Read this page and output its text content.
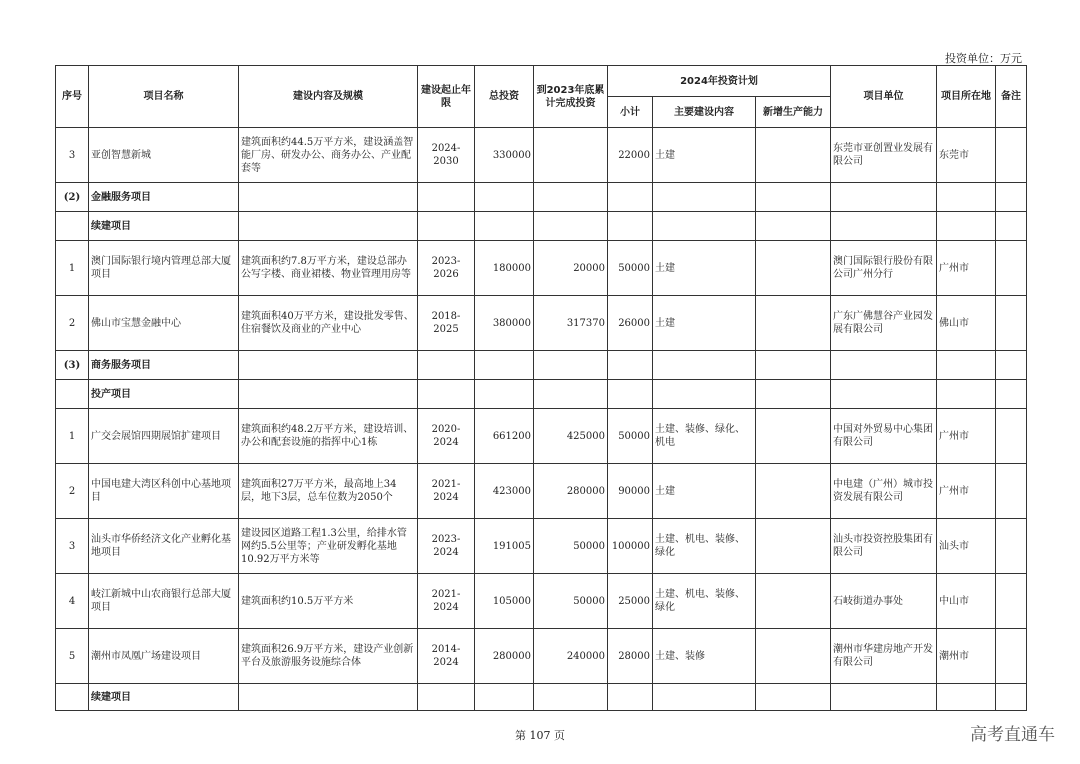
投资单位：万元
序号	项目名称	建设内容及规模	建设起止年限	总投资	到2023年底累计完成投资	2024年投资计划			项目单位	项目所在地	备注
						小计	主要建设内容	新增生产能力			
3	亚创智慧新城	建筑面积约44.5万平方米，建设涵盖智能厂房、研发办公、商务办公、产业配套等	2024-2030	330000		22000	土建		东莞市亚创置业发展有限公司	东莞市	
(2)	金融服务项目										
	续建项目										
1	澳门国际银行境内管理总部大厦项目	建筑面积约7.8万平方米，建设总部办公写字楼、商业裙楼、物业管理用房等	2023-2026	180000	20000	50000	土建		澳门国际银行股份有限公司广州分行	广州市	
2	佛山市宝慧金融中心	建筑面积40万平方米，建设批发零售、住宿餐饮及商业的产业中心	2018-2025	380000	317370	26000	土建		广东广佛慧谷产业园发展有限公司	佛山市	
(3)	商务服务项目										
	投产项目										
1	广交会展馆四期展馆扩建项目	建筑面积约48.2万平方米，建设培训、办公和配套设施的指挥中心1栋	2020-2024	661200	425000	50000	土建、装修、绿化、机电		中国对外贸易中心集团有限公司	广州市	
2	中国电建大湾区科创中心基地项目	建筑面积27万平方米，最高地上34层，地下3层，总车位数为2050个	2021-2024	423000	280000	90000	土建		中电建（广州）城市投资发展有限公司	广州市	
3	汕头市华侨经济文化产业孵化基地项目	建设园区道路工程1.3公里，给排水管网约5.5公里等；产业研发孵化基地10.92万平方米等	2023-2024	191005	50000	100000	土建、机电、装修、绿化		汕头市投资控股集团有限公司	汕头市	
4	岐江新城中山农商银行总部大厦项目	建筑面积约10.5万平方米	2021-2024	105000	50000	25000	土建、机电、装修、绿化		石岐街道办事处	中山市	
5	潮州市凤凰广场建设项目	建筑面积26.9万平方米，建设产业创新平台及旅游服务设施综合体	2014-2024	280000	240000	28000	土建、装修		潮州市华建房地产开发有限公司	潮州市	
	续建项目										
第 107 页	高考直通车
